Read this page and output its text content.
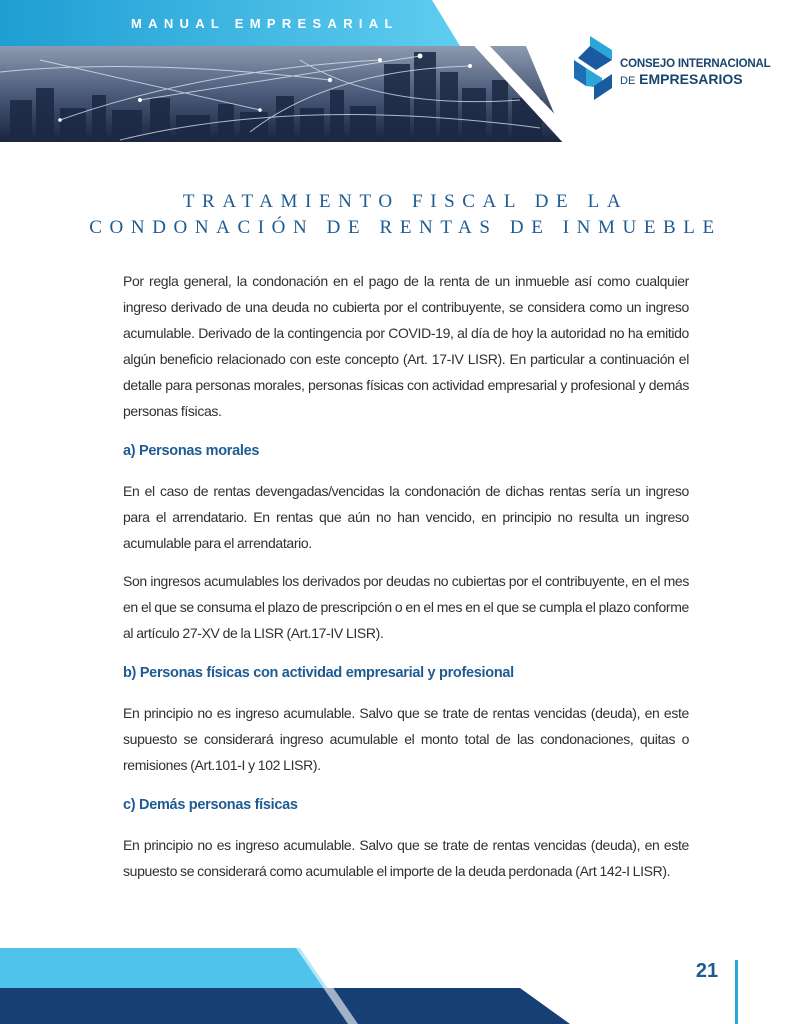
MANUAL EMPRESARIAL

CONSEJO INTERNACIONAL

DE EMPRESARIOS

TRATAMIENTO FISCAL DE LA
CONDONACIÓN DE RENTAS DE INMUEBLE

Por regla general, la condonación en el pago de la renta de un inmueble así como cualquier ingreso derivado de una deuda no cubierta por el contribuyente, se considera como un ingreso acumulable. Derivado de la contingencia por COVID-19, al día de hoy la autoridad no ha emitido algún beneficio relacionado con este concepto (Art. 17-IV LISR). En particular a continuación el detalle para personas morales, personas físicas con actividad empresarial y profesional y demás personas físicas.

a) Personas morales

En el caso de rentas devengadas/vencidas la condonación de dichas rentas sería un ingreso para el arrendatario. En rentas que aún no han vencido, en principio no resulta un ingreso acumulable para el arrendatario.

Son ingresos acumulables los derivados por deudas no cubiertas por el contribuyente, en el mes en el que se consuma el plazo de prescripción o en el mes en el que se cumpla el plazo conforme al artículo 27-XV de la LISR (Art.17-IV LISR).

b) Personas físicas con actividad empresarial y profesional

En principio no es ingreso acumulable. Salvo que se trate de rentas vencidas (deuda), en este supuesto se considerará ingreso acumulable el monto total de las condonaciones, quitas o remisiones (Art.101-I y 102 LISR).

c) Demás personas físicas

En principio no es ingreso acumulable. Salvo que se trate de rentas vencidas (deuda), en este supuesto se considerará como acumulable el importe de la deuda perdonada (Art 142-I LISR).

21
